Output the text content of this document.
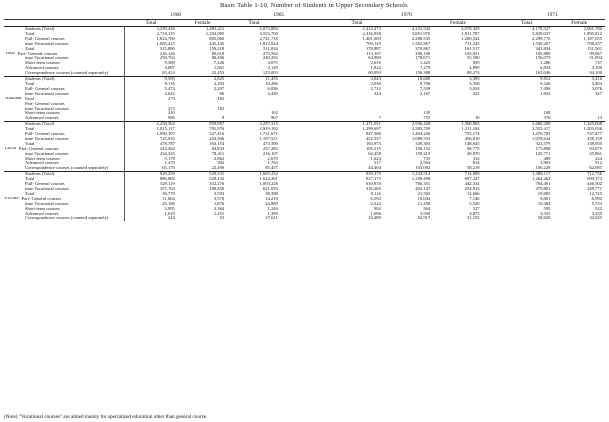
Basic Table 1-10. Number of Students in Upper Secondary Schools
	1960		1965		1970				1971	
	Total	Female	Total		Total		Female		Total	Female
Students (Total)	3,239,416	1,483,211	5,073,882		2,412,473	4,231,542	2,078,329		4,178,327	2,061,780
Total	2,710,115	1,204,905	4,553,700		2,416,938	3,851,970	1,911,787		3,829,037	1,895,812
Full- General courses	1,624,700	805,060	2,741,735		1,461,003	2,288,535	1,200,542		2,299,770	1,187,055
time Vocational courses	1,085,415	445,445	1,812,024		769,145	1,563,867	711,245		1,530,267	708,257
Total	515,880	159,219	511,834		178,887	370,867	161,517		341,834	151,561

Total Part- General courses	236,126	80,619	275,562		113,107	200,190	105,921		185,889	99,067
time Vocational courses	259,704	80,406	240,292		64,980	170,671	55,590		156,075	51,894
Short-term courses	9,380	7,226	4,075		2,616	1,425	839		1,286	747
Advanced courses	4,087	1,861	4,149		1,822	7,279	4,899		6,834	4,100
Correspondence courses (counted separately)	65,414	22,453	123,003		60,993	156,388	88,274		165,046	94,100
Students (Total)	9,595	2,825	11,455		3,043	10,600	3,395		9,812	3,416
Total	8,116	2,293	10,286		3,036	9,706	3,356		9,326	3,403
Full- General courses	5,474	2,207	6,836		2,712	7,539	3,034		7,496	3,076
time Vocational courses	2,642	86	3,450		324	2,167	322		1,832	327

National Total	273	182								
Part- General courses										
time Vocational courses	273	182								
Short-term courses	210		102			139			108	
Advanced courses	996	8	967		7	755	10		376	13
Students (Total)	2,250,562	950,897	3,297,315		1,471,051	2,936,428	1,360,965		2,680,289	1,345,008
Total	1,815,117	781,976	2,919,192		1,299,697	2,583,709	1,211,184		2,555,417	1,203,036
Full- General courses	1,090,107	527,416	1,731,671		847,380	1,494,236	755,174		1,476,783	747,477
time Vocational courses	725,010	254,506	1,187,521		452,357	1,089,533	456,010		1,078,634	458,159
Total	478,787	163,154	473,390		163,973	349,303	148,645		321,579	138,935

Local Part- General courses	244,462	84,833	257,283		105,515	190,152	98,775		175,808	93,075
time Vocational courses	234,325	78,411	216,107		62,458	159,213	49,870		145,771	45,861
Short-term courses	5,178	2,862	2,670		1,624	735	312		489	224
Advanced courses	1,470	502	1,763		517	2,564	814		2,903	912
Correspondence courses (counted separately)	65,170	22,490	85,457		44,404	103,092	58,219		106,228	62,081
Students (Total)	929,259	529,531	1,665,232		939,379	1,234,514	714,009		1,388,117	712,756
Total	886,882	520,132	1,624,261		927,175	1,258,498	697,247		1,264,262	699,373
Full- General courses	529,119	332,276	1,003,226		610,910	766,351	442,334		784,491	446,502
time Vocational courses	357,763	188,856	621,035		316,265	492,147	254,913		479,801	249,771
Total	36,770	3,593	38,398		9,116	21,502	12,666		19,885	12,725

Private Part- General courses	11,664	3,570	14,219		6,592	10,044	7,146		9,681	6,992
time Vocational courses	25,106	1,876	24,889		2,522	11,458	5,520		10,304	5,733
Short-term courses	3,995	3,364	1,244		992	564	527		595	523
Advanced courses	1,619	1,451	1,399		1,096	3,950	4,075		3,555	3,235
Correspondence courses (counted separately)	244	53	27,611		16,489	52,917	31,155		58,820	32,025
(Note) "Vocational courses" are aimed mainly for specialized education other than general course.
